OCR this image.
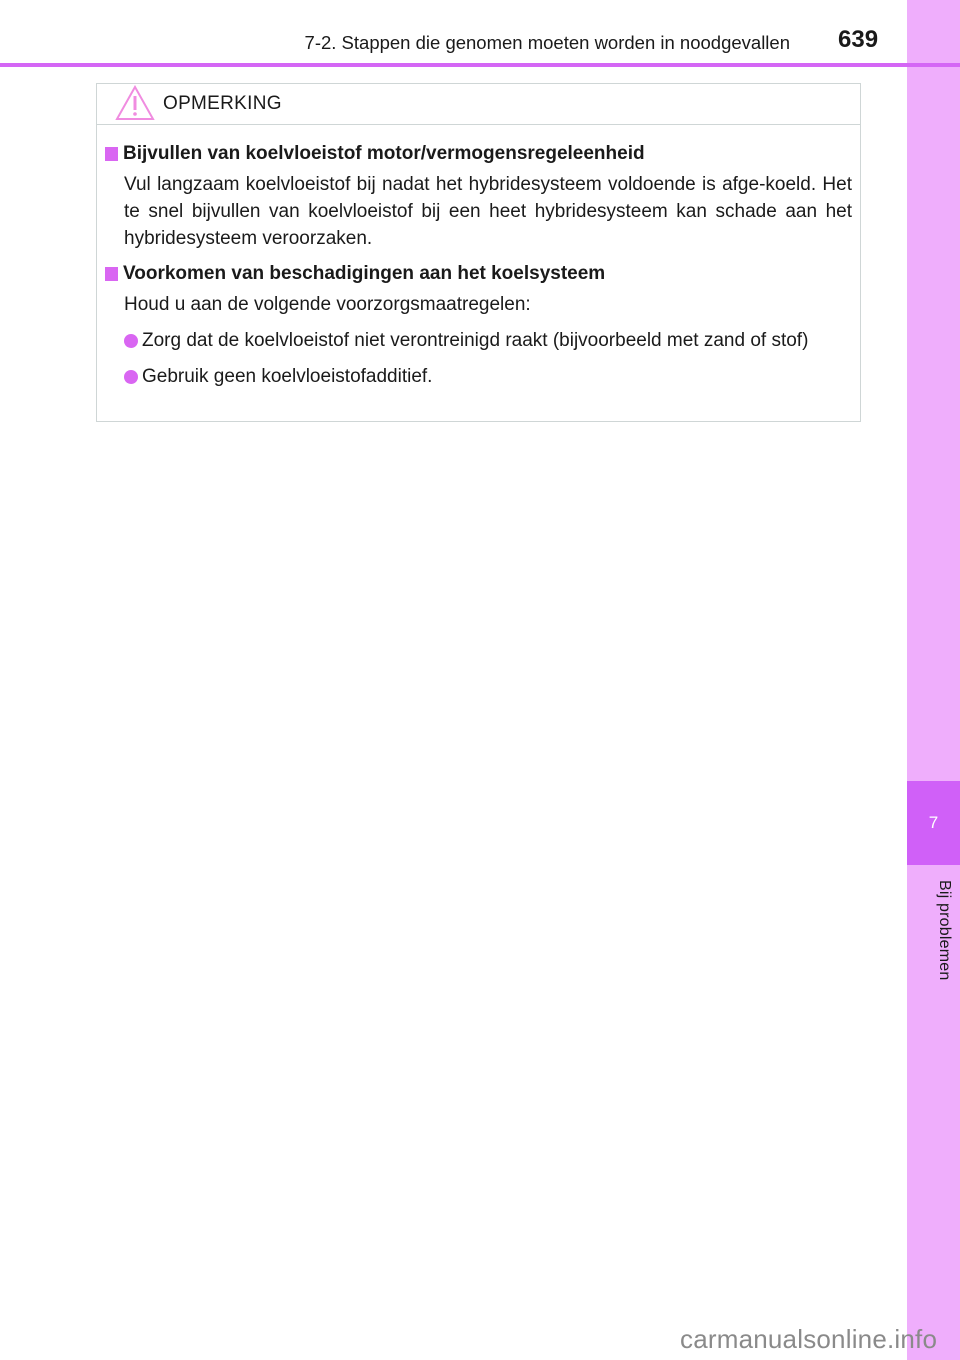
7
Bij problemen
7-2. Stappen die genomen moeten worden in noodgevallen 639
OPMERKING
Bijvullen van koelvloeistof motor/vermogensregeleenheid
Vul langzaam koelvloeistof bij nadat het hybridesysteem voldoende is afge-koeld. Het te snel bijvullen van koelvloeistof bij een heet hybridesysteem kan schade aan het hybridesysteem veroorzaken.
Voorkomen van beschadigingen aan het koelsysteem
Houd u aan de volgende voorzorgsmaatregelen:
Zorg dat de koelvloeistof niet verontreinigd raakt (bijvoorbeeld met zand of stof)
Gebruik geen koelvloeistofadditief.
carmanualsonline.info
